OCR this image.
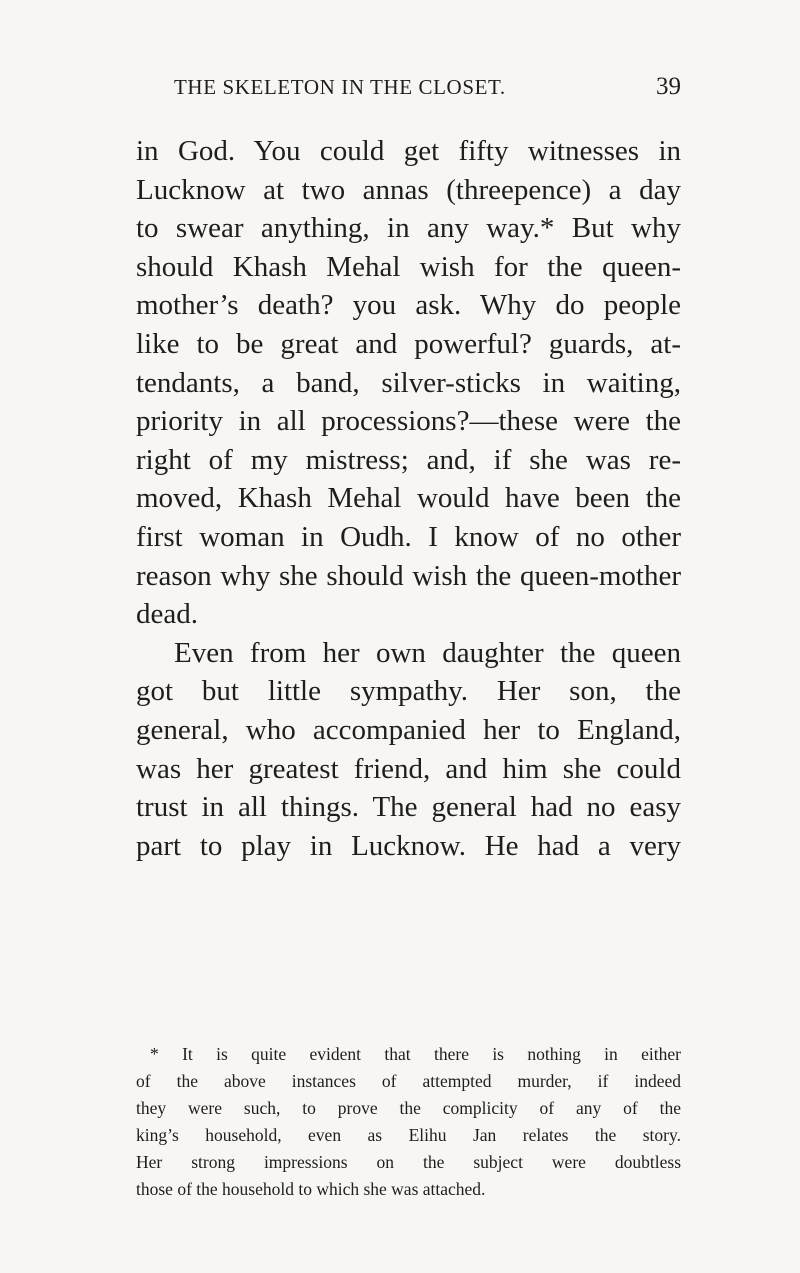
THE SKELETON IN THE CLOSET.	39
in God. You could get fifty witnesses in
Lucknow at two annas (threepence) a day
to swear anything, in any way.* But why
should Khash Mehal wish for the queen-
mother’s death? you ask. Why do people
like to be great and powerful? guards, at-
tendants, a band, silver-sticks in waiting,
priority in all processions?—these were the
right of my mistress; and, if she was re-
moved, Khash Mehal would have been the
first woman in Oudh. I know of no other
reason why she should wish the queen-mother
dead.
Even from her own daughter the queen
got but little sympathy. Her son, the
general, who accompanied her to England,
was her greatest friend, and him she could
trust in all things. The general had no easy
part to play in Lucknow. He had a very
* It is quite evident that there is nothing in either
of the above instances of attempted murder, if indeed
they were such, to prove the complicity of any of the
king’s household, even as Elihu Jan relates the story.
Her strong impressions on the subject were doubtless
those of the household to which she was attached.
